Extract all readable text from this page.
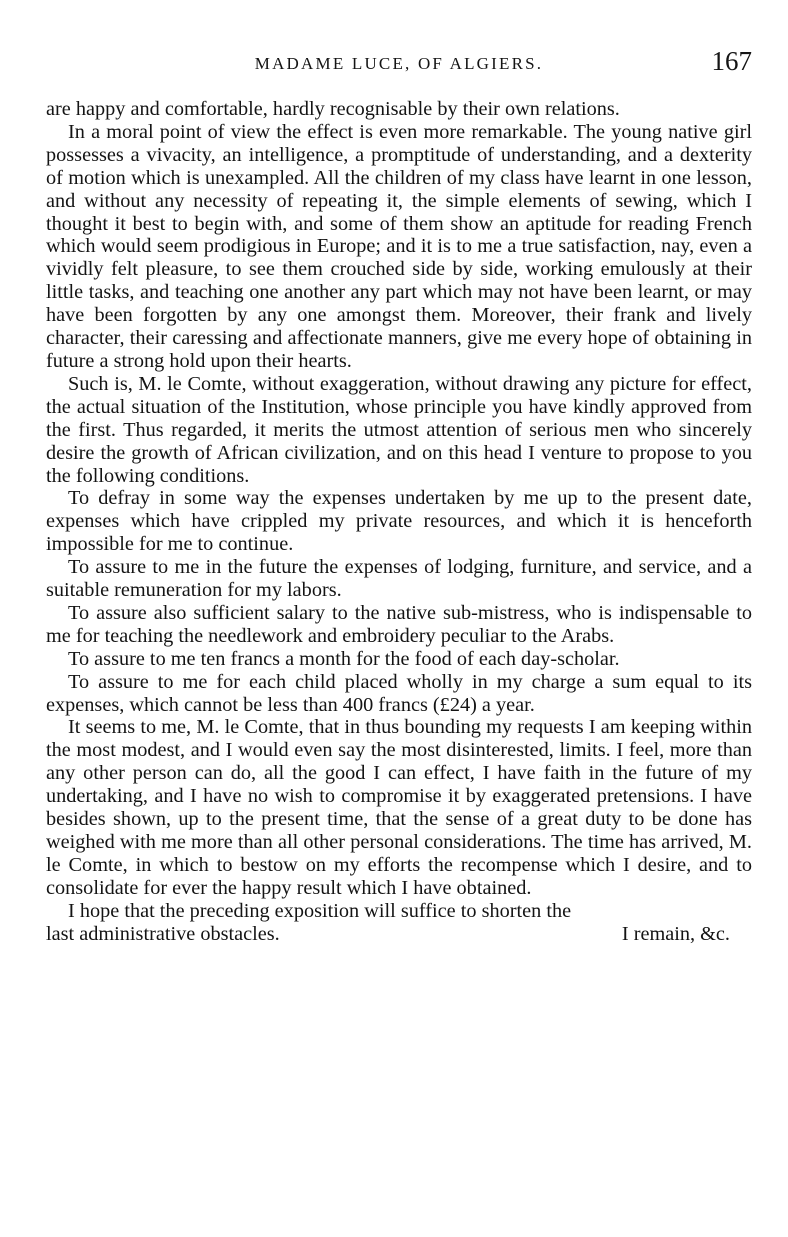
MADAME LUCE, OF ALGIERS.	167

are happy and comfortable, hardly recognisable by their own relations.

In a moral point of view the effect is even more remarkable. The young native girl possesses a vivacity, an intelligence, a promptitude of understanding, and a dexterity of motion which is unexampled. All the children of my class have learnt in one lesson, and without any necessity of repeating it, the simple elements of sewing, which I thought it best to begin with, and some of them show an aptitude for reading French which would seem prodigious in Europe; and it is to me a true satisfaction, nay, even a vividly felt pleasure, to see them crouched side by side, working emulously at their little tasks, and teaching one another any part which may not have been learnt, or may have been forgotten by any one amongst them. Moreover, their frank and lively character, their caressing and affectionate manners, give me every hope of obtaining in future a strong hold upon their hearts.

Such is, M. le Comte, without exaggeration, without drawing any picture for effect, the actual situation of the Institution, whose principle you have kindly approved from the first. Thus regarded, it merits the utmost attention of serious men who sincerely desire the growth of African civilization, and on this head I venture to propose to you the following conditions.

To defray in some way the expenses undertaken by me up to the present date, expenses which have crippled my private resources, and which it is henceforth impossible for me to continue.

To assure to me in the future the expenses of lodging, furniture, and service, and a suitable remuneration for my labors.

To assure also sufficient salary to the native sub-mistress, who is indispensable to me for teaching the needlework and embroidery peculiar to the Arabs.

To assure to me ten francs a month for the food of each day-scholar.

To assure to me for each child placed wholly in my charge a sum equal to its expenses, which cannot be less than 400 francs (£24) a year.

It seems to me, M. le Comte, that in thus bounding my requests I am keeping within the most modest, and I would even say the most disinterested, limits. I feel, more than any other person can do, all the good I can effect, I have faith in the future of my undertaking, and I have no wish to compromise it by exaggerated pretensions. I have besides shown, up to the present time, that the sense of a great duty to be done has weighed with me more than all other personal considerations. The time has arrived, M. le Comte, in which to bestow on my efforts the recompense which I desire, and to consolidate for ever the happy result which I have obtained.

I hope that the preceding exposition will suffice to shorten the

last administrative obstacles.	I remain, &c.
